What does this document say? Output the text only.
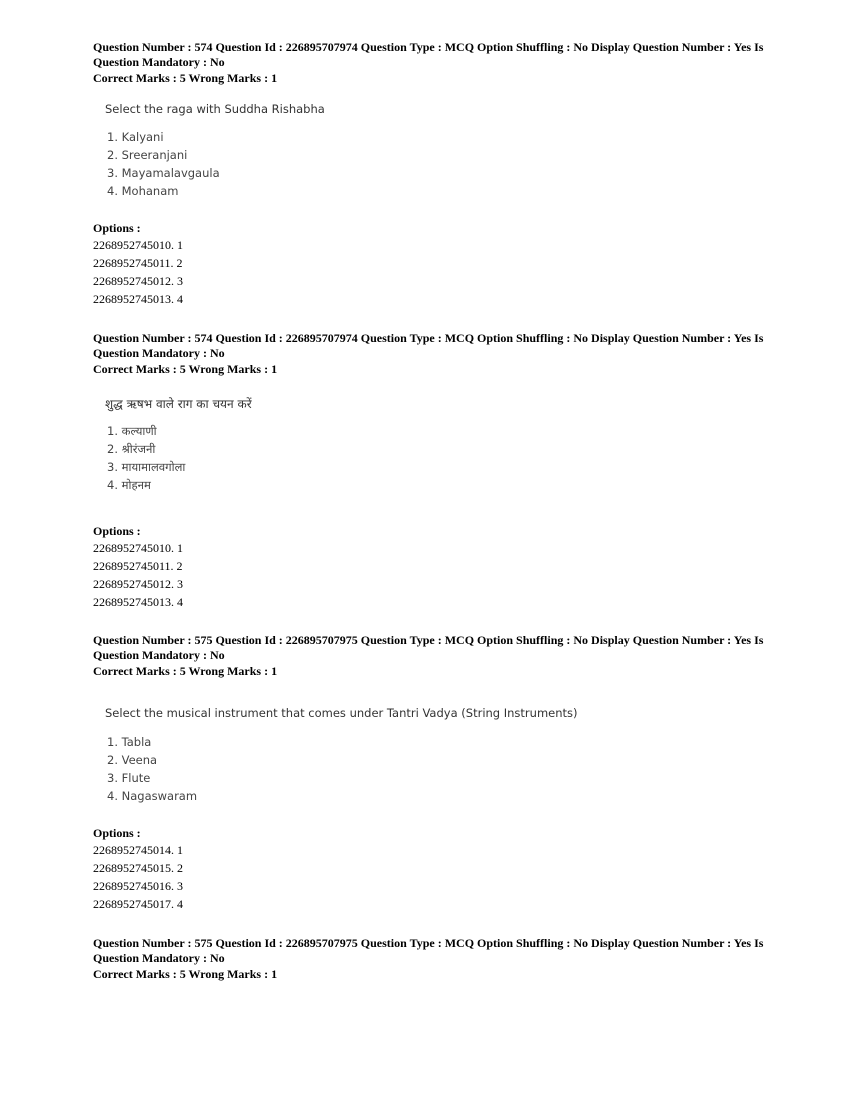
Question Number : 574 Question Id : 226895707974 Question Type : MCQ Option Shuffling : No Display Question Number : Yes Is Question Mandatory : No
Correct Marks : 5 Wrong Marks : 1
Select the raga with Suddha Rishabha
1. Kalyani
2. Sreeranjani
3. Mayamalavgaula
4. Mohanam
Options :
2268952745010. 1
2268952745011. 2
2268952745012. 3
2268952745013. 4
Question Number : 574 Question Id : 226895707974 Question Type : MCQ Option Shuffling : No Display Question Number : Yes Is Question Mandatory : No
Correct Marks : 5 Wrong Marks : 1
शुद्ध ऋषभ वाले राग का चयन करें
1. कल्याणी
2. श्रीरंजनी
3. मायामालवगोला
4. मोहनम
Options :
2268952745010. 1
2268952745011. 2
2268952745012. 3
2268952745013. 4
Question Number : 575 Question Id : 226895707975 Question Type : MCQ Option Shuffling : No Display Question Number : Yes Is Question Mandatory : No
Correct Marks : 5 Wrong Marks : 1
Select the musical instrument that comes under Tantri Vadya (String Instruments)
1. Tabla
2. Veena
3. Flute
4. Nagaswaram
Options :
2268952745014. 1
2268952745015. 2
2268952745016. 3
2268952745017. 4
Question Number : 575 Question Id : 226895707975 Question Type : MCQ Option Shuffling : No Display Question Number : Yes Is Question Mandatory : No
Correct Marks : 5 Wrong Marks : 1
